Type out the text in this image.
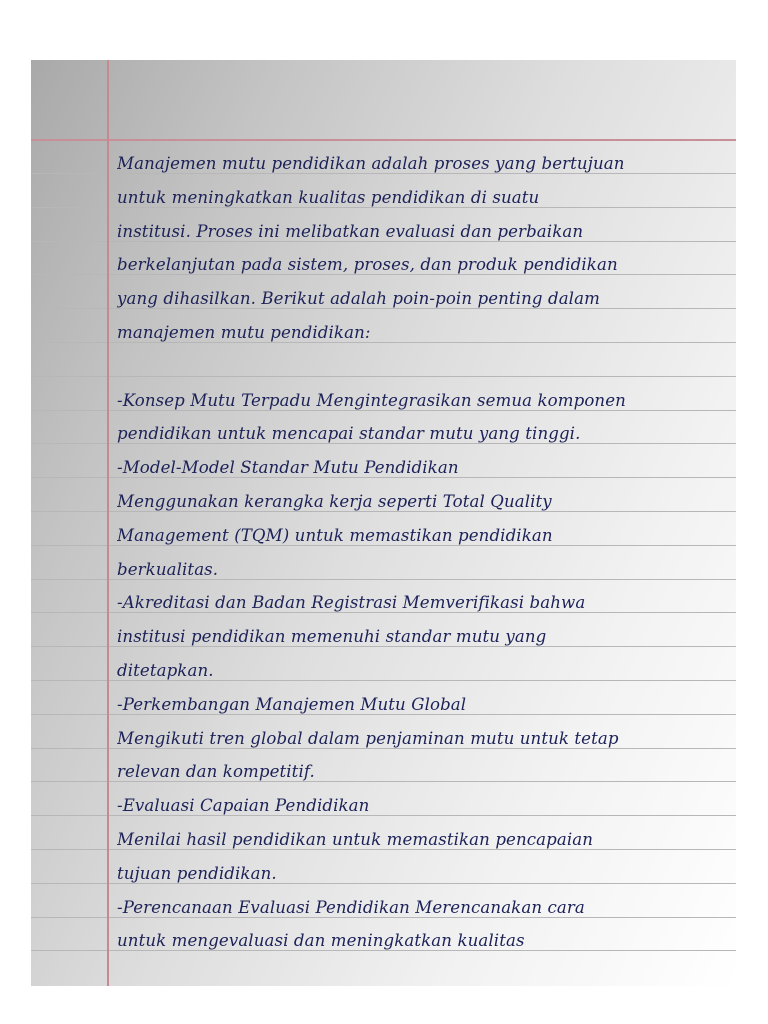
Manajemen mutu pendidikan adalah proses yang bertujuan
untuk meningkatkan kualitas pendidikan di suatu
institusi. Proses ini melibatkan evaluasi dan perbaikan
berkelanjutan pada sistem, proses, dan produk pendidikan
yang dihasilkan. Berikut adalah poin-poin penting dalam
manajemen mutu pendidikan:
-Konsep Mutu Terpadu Mengintegrasikan semua komponen
pendidikan untuk mencapai standar mutu yang tinggi.
-Model-Model Standar Mutu Pendidikan
Menggunakan kerangka kerja seperti Total Quality
Management (TQM) untuk memastikan pendidikan
berkualitas.
-Akreditasi dan Badan Registrasi Memverifikasi bahwa
institusi pendidikan memenuhi standar mutu yang
ditetapkan.
-Perkembangan Manajemen Mutu Global
Mengikuti tren global dalam penjaminan mutu untuk tetap
relevan dan kompetitif.
-Evaluasi Capaian Pendidikan
Menilai hasil pendidikan untuk memastikan pencapaian
tujuan pendidikan.
-Perencanaan Evaluasi Pendidikan Merencanakan cara
untuk mengevaluasi dan meningkatkan kualitas
